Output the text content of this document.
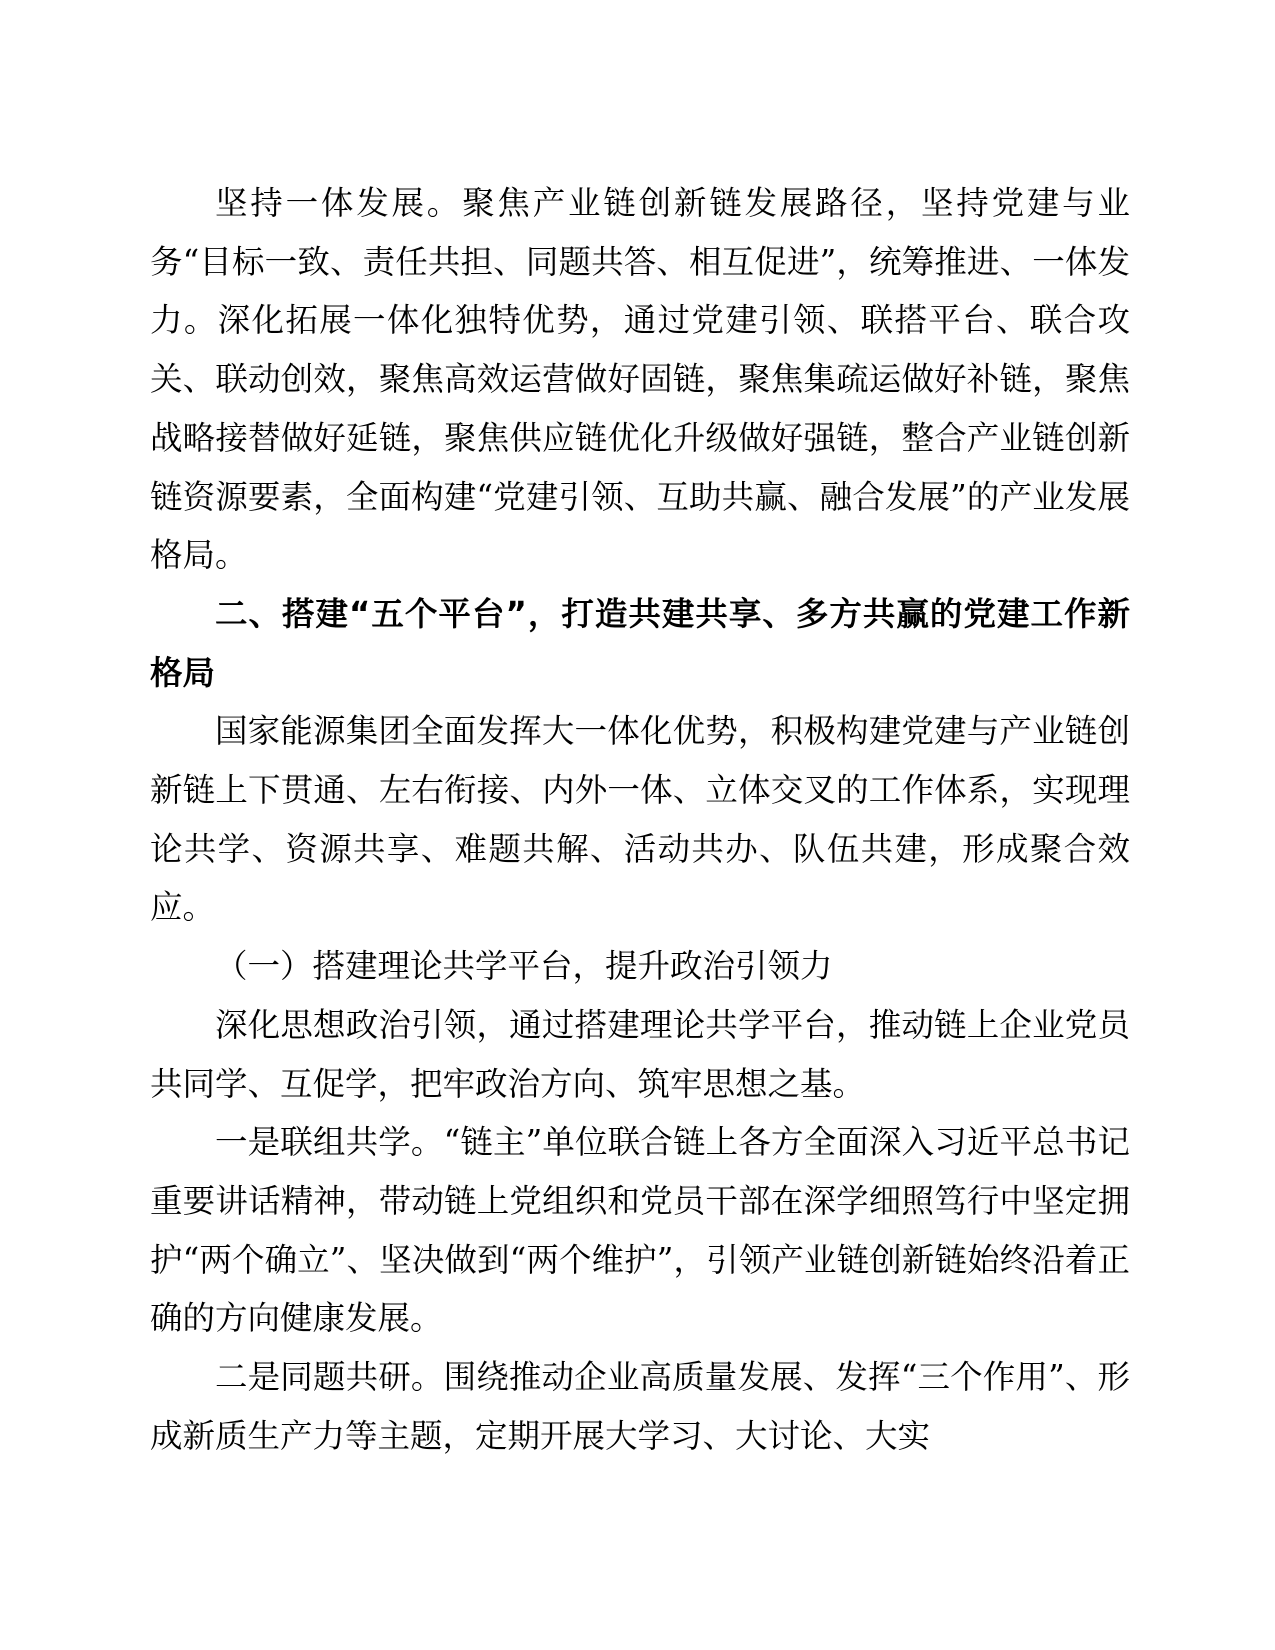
坚持一体发展。聚焦产业链创新链发展路径，坚持党建与业务“目标一致、责任共担、同题共答、相互促进”，统筹推进、一体发力。深化拓展一体化独特优势，通过党建引领、联搭平台、联合攻关、联动创效，聚焦高效运营做好固链，聚焦集疏运做好补链，聚焦战略接替做好延链，聚焦供应链优化升级做好强链，整合产业链创新链资源要素，全面构建“党建引领、互助共赢、融合发展”的产业发展格局。

二、搭建“五个平台”，打造共建共享、多方共赢的党建工作新格局

国家能源集团全面发挥大一体化优势，积极构建党建与产业链创新链上下贯通、左右衔接、内外一体、立体交叉的工作体系，实现理论共学、资源共享、难题共解、活动共办、队伍共建，形成聚合效应。

（一）搭建理论共学平台，提升政治引领力

深化思想政治引领，通过搭建理论共学平台，推动链上企业党员共同学、互促学，把牢政治方向、筑牢思想之基。

一是联组共学。“链主”单位联合链上各方全面深入习近平总书记重要讲话精神，带动链上党组织和党员干部在深学细照笃行中坚定拥护“两个确立”、坚决做到“两个维护”，引领产业链创新链始终沿着正确的方向健康发展。

二是同题共研。围绕推动企业高质量发展、发挥“三个作用”、形成新质生产力等主题，定期开展大学习、大讨论、大实
